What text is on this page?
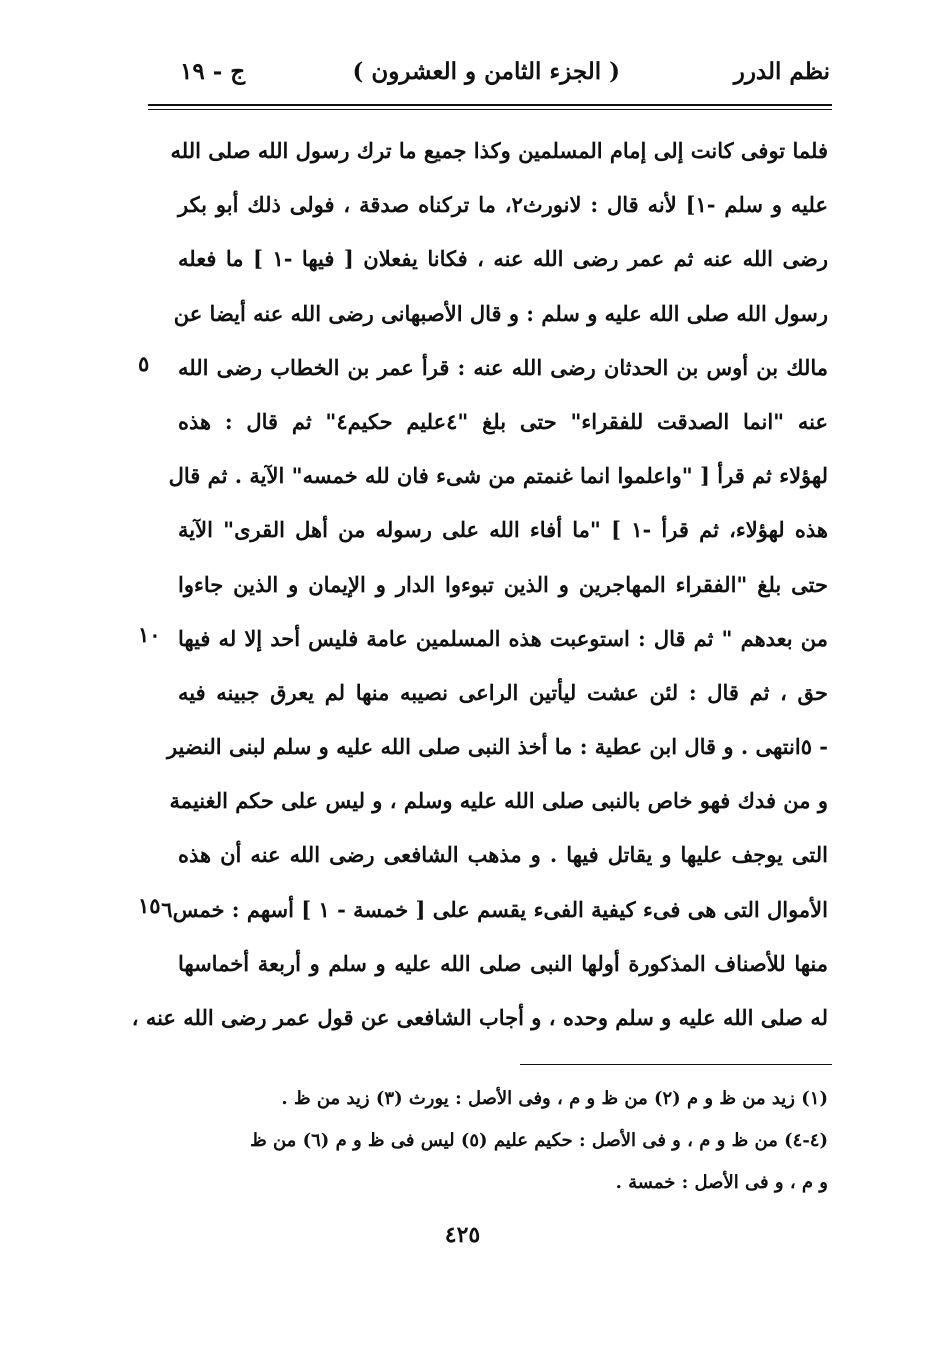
نظم الدرر
( الجزء الثامن و العشرون )
ج - ١٩
فلما توفى كانت إلى إمام المسلمين وكذا جميع ما ترك رسول الله صلى الله
عليه و سلم -١] لأنه قال : لانورث٢، ما تركناه صدقة ، فولى ذلك أبو بكر
رضى الله عنه ثم عمر رضى الله عنه ، فكانا يفعلان [ فيها -١ ] ما فعله
رسول الله صلى الله عليه و سلم : و قال الأصبهانى رضى الله عنه أيضا عن
مالك بن أوس بن الحدثان رضى الله عنه : قرأ عمر بن الخطاب رضى الله
عنه "انما الصدقت للفقراء" حتى بلغ "٤عليم حكيم٤" ثم قال : هذه
لهؤلاء ثم قرأ [ "واعلموا انما غنمتم من شىء فان لله خمسه" الآية . ثم قال
هذه لهؤلاء، ثم قرأ -١ ] "ما أفاء الله على رسوله من أهل القرى" الآية
حتى بلغ "الفقراء المهاجرين و الذين تبوءوا الدار و الإيمان و الذين جاءوا
من بعدهم " ثم قال : استوعبت هذه المسلمين عامة فليس أحد إلا له فيها
حق ، ثم قال : لئن عشت ليأتين الراعى نصيبه منها لم يعرق جبينه فيه
- ٥انتهى . و قال ابن عطية : ما أخذ النبى صلى الله عليه و سلم لبنى النضير
و من فدك فهو خاص بالنبى صلى الله عليه وسلم ، و ليس على حكم الغنيمة
التى يوجف عليها و يقاتل فيها . و مذهب الشافعى رضى الله عنه أن هذه
الأموال التى هى فىء كيفية الفىء يقسم على [ خمسة - ١ ] أسهم : خمس٦
منها للأصناف المذكورة أولها النبى صلى الله عليه و سلم و أربعة أخماسها
له صلى الله عليه و سلم وحده ، و أجاب الشافعى عن قول عمر رضى الله عنه ،
٥
١٠
١٥
(١) زيد من ظ و م (٢) من ظ و م ، وفى الأصل : يورث (٣) زيد من ظ .
(٤-٤) من ظ و م ، و فى الأصل : حكيم عليم (٥) ليس فى ظ و م (٦) من ظ
و م ، و فى الأصل : خمسة .
٤٢٥
